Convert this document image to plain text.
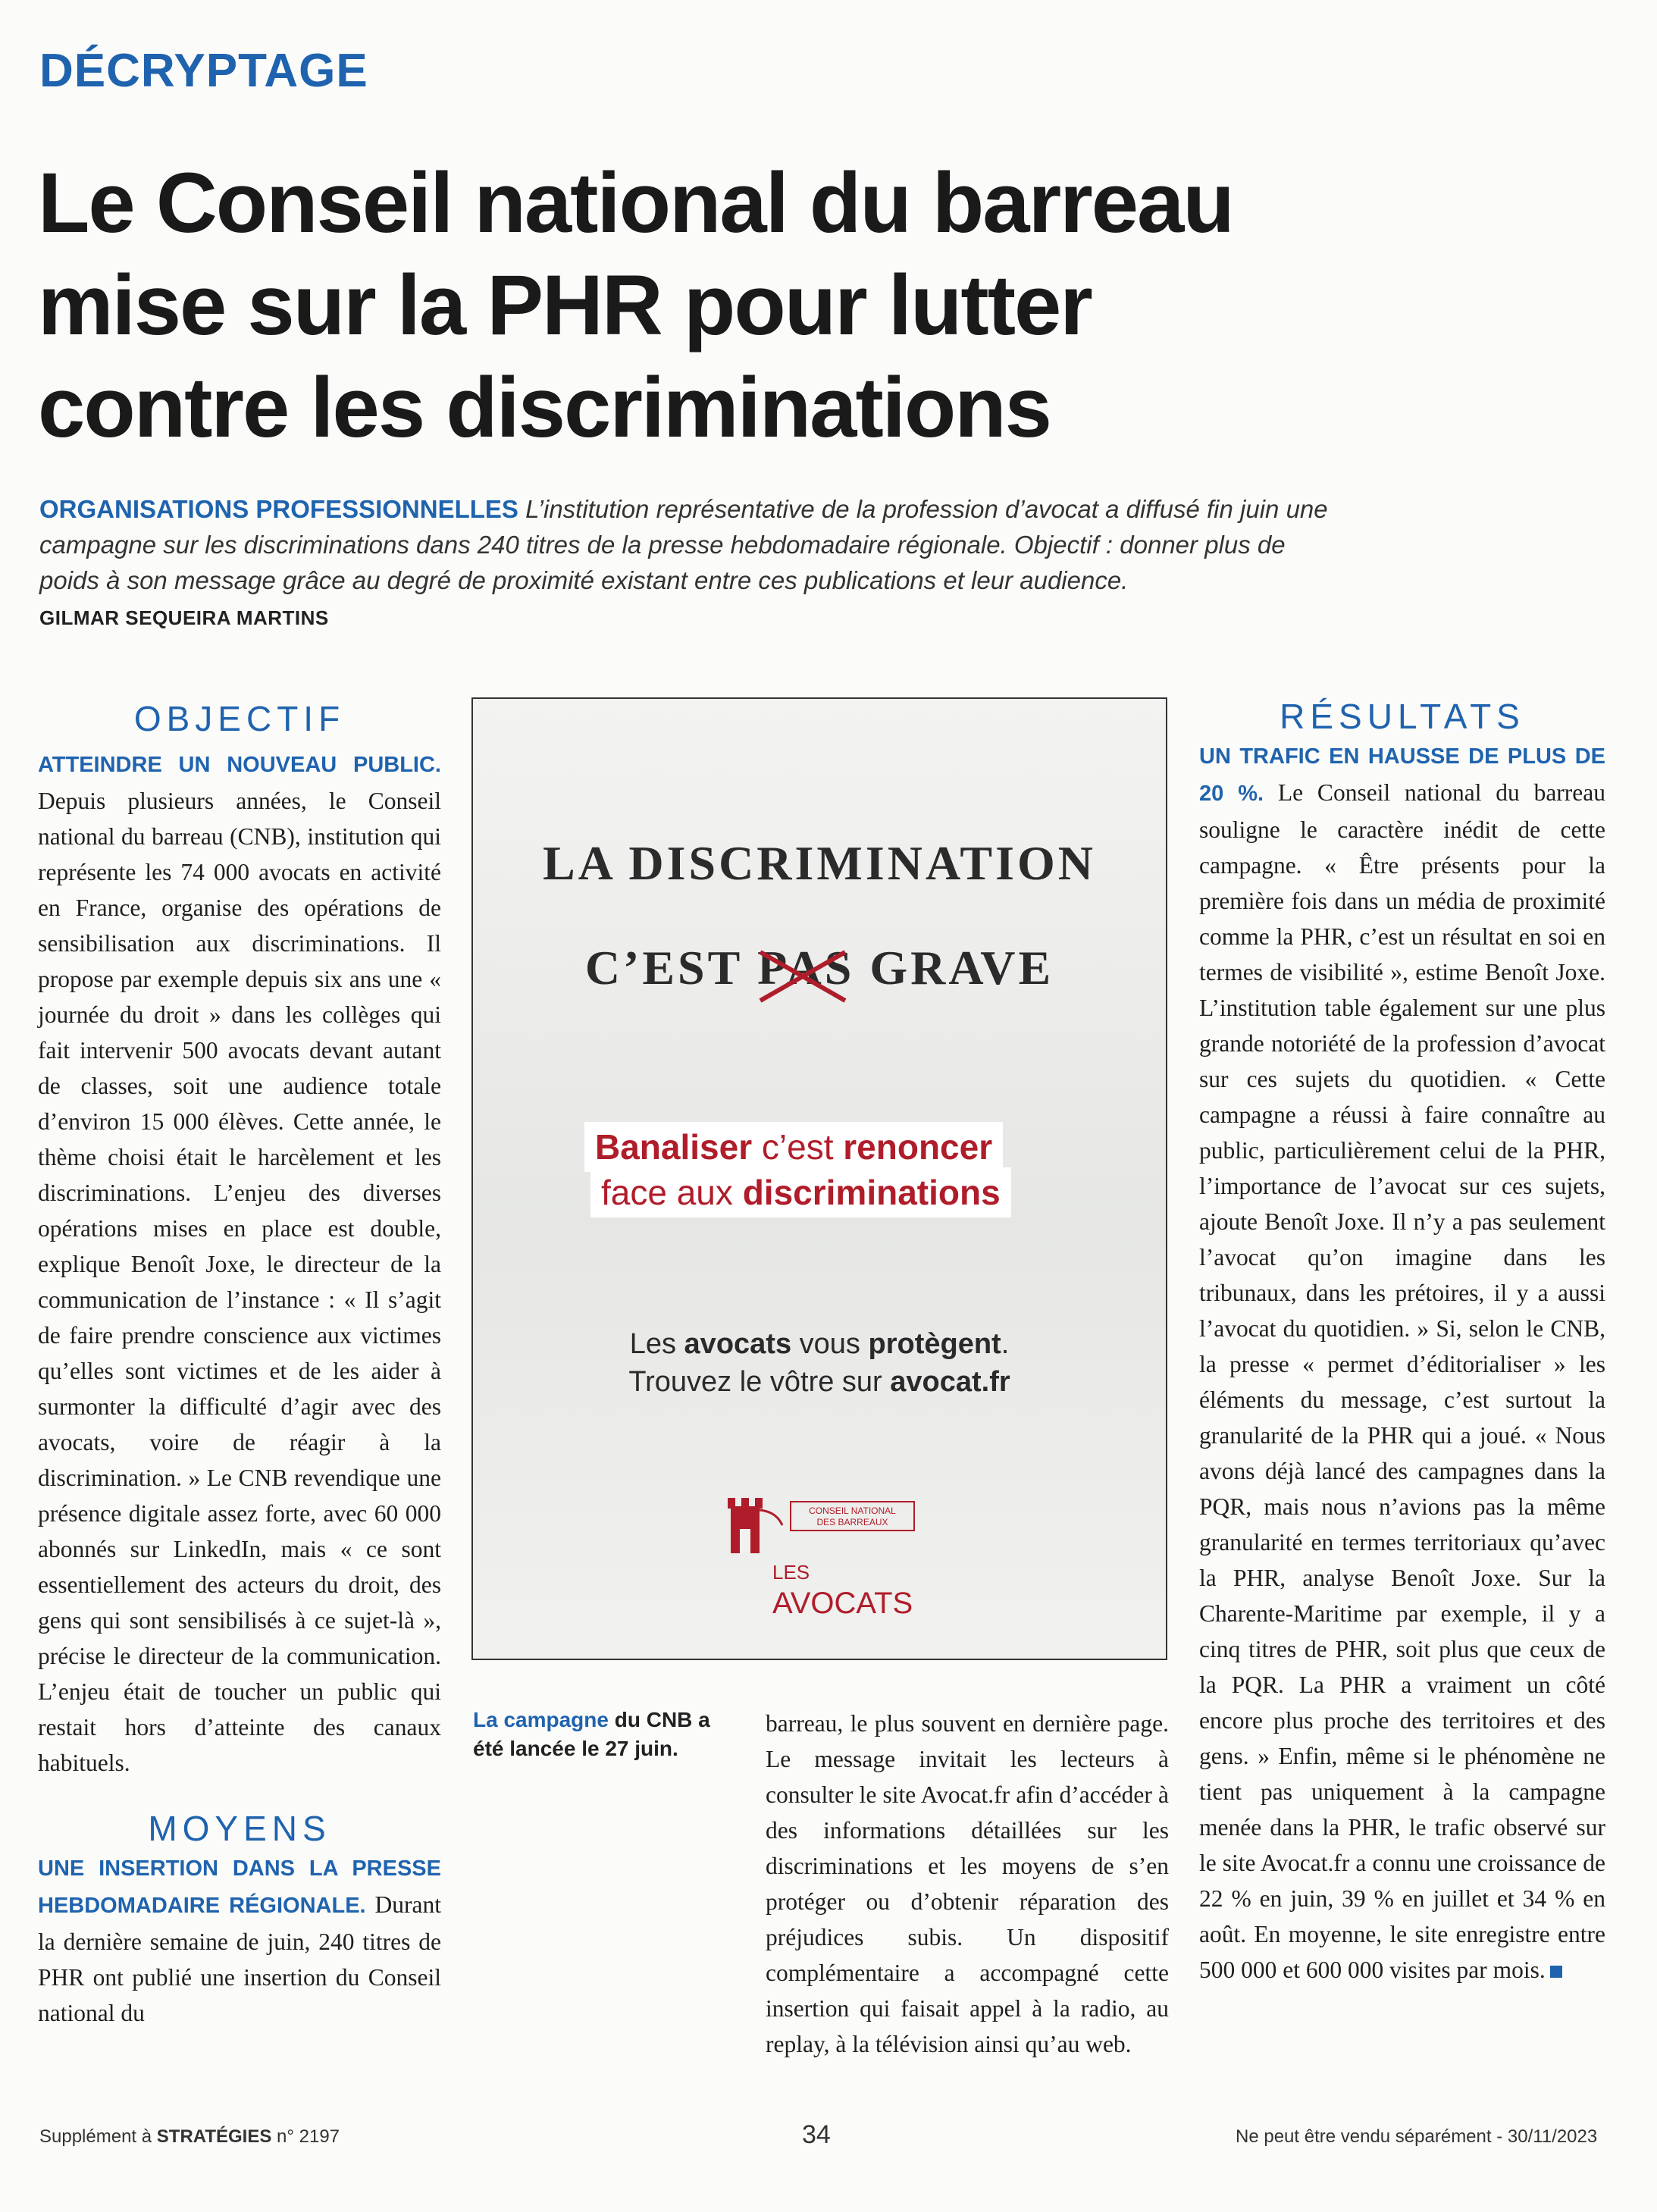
DÉCRYPTAGE
Le Conseil national du barreau
mise sur la PHR pour lutter
contre les discriminations
ORGANISATIONS PROFESSIONNELLES L’institution représentative de la profession d’avocat a diffusé fin juin une campagne sur les discriminations dans 240 titres de la presse hebdomadaire régionale. Objectif : donner plus de poids à son message grâce au degré de proximité existant entre ces publications et leur audience.
GILMAR SEQUEIRA MARTINS
OBJECTIF

ATTEINDRE UN NOUVEAU PUBLIC. Depuis plusieurs années, le Conseil national du barreau (CNB), institution qui représente les 74 000 avocats en activité en France, organise des opérations de sensibilisation aux discriminations. Il propose par exemple depuis six ans une « journée du droit » dans les collèges qui fait intervenir 500 avocats devant autant de classes, soit une audience totale d’environ 15 000 élèves. Cette année, le thème choisi était le harcèlement et les discriminations. L’enjeu des diverses opérations mises en place est double, explique Benoît Joxe, le directeur de la communication de l’instance : « Il s’agit de faire prendre conscience aux victimes qu’elles sont victimes et de les aider à surmonter la difficulté d’agir avec des avocats, voire de réagir à la discrimination. » Le CNB revendique une présence digitale assez forte, avec 60 000 abonnés sur LinkedIn, mais « ce sont essentiellement des acteurs du droit, des gens qui sont sensibilisés à ce sujet-là », précise le directeur de la communication. L’enjeu était de toucher un public qui restait hors d’atteinte des canaux habituels.

MOYENS

UNE INSERTION DANS LA PRESSE HEBDOMADAIRE RÉGIONALE. Durant la dernière semaine de juin, 240 titres de PHR ont publié une insertion du Conseil national du

LA DISCRIMINATION
C’EST PAS
GRAVE
Banaliser c’est renoncer
face aux discriminations
Les avocats vous protègent.
Trouvez le vôtre sur avocat.fr
CONSEIL NATIONAL
DES BARREAUX
LES AVOCATS
La campagne du CNB a été lancée le 27 juin.

barreau, le plus souvent en dernière page. Le message invitait les lecteurs à consulter le site Avocat.fr afin d’accéder à des informations détaillées sur les discriminations et les moyens de s’en protéger ou d’obtenir réparation des préjudices subis. Un dispositif complémentaire a accompagné cette insertion qui faisait appel à la radio, au replay, à la télévision ainsi qu’au web.

RÉSULTATS

UN TRAFIC EN HAUSSE DE PLUS DE 20 %. Le Conseil national du barreau souligne le caractère inédit de cette campagne. « Être présents pour la première fois dans un média de proximité comme la PHR, c’est un résultat en soi en termes de visibilité », estime Benoît Joxe. L’institution table également sur une plus grande notoriété de la profession d’avocat sur ces sujets du quotidien. « Cette campagne a réussi à faire connaître au public, particulièrement celui de la PHR, l’importance de l’avocat sur ces sujets, ajoute Benoît Joxe. Il n’y a pas seulement l’avocat qu’on imagine dans les tribunaux, dans les prétoires, il y a aussi l’avocat du quotidien. » Si, selon le CNB, la presse « permet d’éditorialiser » les éléments du message, c’est surtout la granularité de la PHR qui a joué. « Nous avons déjà lancé des campagnes dans la PQR, mais nous n’avions pas la même granularité en termes territoriaux qu’avec la PHR, analyse Benoît Joxe. Sur la Charente-Maritime par exemple, il y a cinq titres de PHR, soit plus que ceux de la PQR. La PHR a vraiment un côté encore plus proche des territoires et des gens. » Enfin, même si le phénomène ne tient pas uniquement à la campagne menée dans la PHR, le trafic observé sur le site Avocat.fr a connu une croissance de 22 % en juin, 39 % en juillet et 34 % en août. En moyenne, le site enregistre entre 500 000 et 600 000 visites par mois.

Supplément à STRATÉGIES n° 2197	34	Ne peut être vendu séparément - 30/11/2023
